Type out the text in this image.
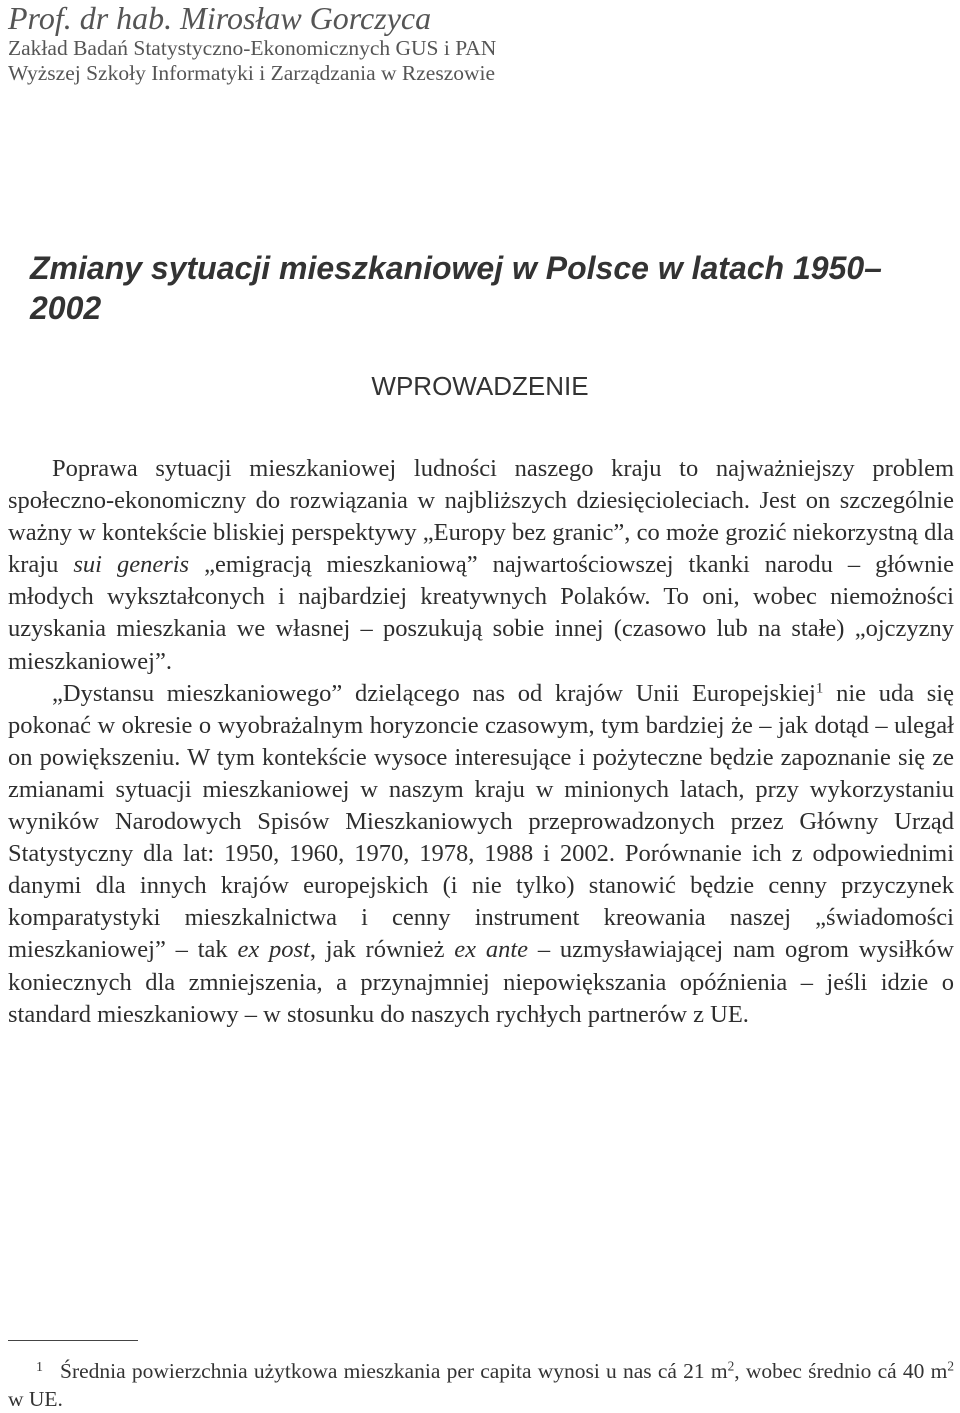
Prof. dr hab. Mirosław Gorczyca
Zakład Badań Statystyczno-Ekonomicznych GUS i PAN
Wyższej Szkoły Informatyki i Zarządzania w Rzeszowie
Zmiany sytuacji mieszkaniowej w Polsce w latach 1950–2002
WPROWADZENIE

Poprawa sytuacji mieszkaniowej ludności naszego kraju to najważniejszy problem społeczno-ekonomiczny do rozwiązania w najbliższych dziesięcioleciach. Jest on szczególnie ważny w kontekście bliskiej perspektywy „Europy bez granic”, co może grozić niekorzystną dla kraju sui generis „emigracją mieszkaniową” najwartościowszej tkanki narodu – głównie młodych wykształconych i najbardziej kreatywnych Polaków. To oni, wobec niemożności uzyskania mieszkania we własnej – poszukują sobie innej (czasowo lub na stałe) „ojczyzny mieszkaniowej”.

„Dystansu mieszkaniowego” dzielącego nas od krajów Unii Europejskiej$^1$ nie uda się pokonać w okresie o wyobrażalnym horyzoncie czasowym, tym bardziej że – jak dotąd – ulegał on powiększeniu. W tym kontekście wysoce interesujące i pożyteczne będzie zapoznanie się ze zmianami sytuacji mieszkaniowej w naszym kraju w minionych latach, przy wykorzystaniu wyników Narodowych Spisów Mieszkaniowych przeprowadzonych przez Główny Urząd Statystyczny dla lat: 1950, 1960, 1970, 1978, 1988 i 2002. Porównanie ich z odpowiednimi danymi dla innych krajów europejskich (i nie tylko) stanowić będzie cenny przyczynek komparatystyki mieszkalnictwa i cenny instrument kreowania naszej „świadomości mieszkaniowej” – tak ex post, jak również ex ante – uzmysławiającej nam ogrom wysiłków koniecznych dla zmniejszenia, a przynajmniej niepowiększania opóźnienia – jeśli idzie o standard mieszkaniowy – w stosunku do naszych rychłych partnerów z UE.

1 Średnia powierzchnia użytkowa mieszkania per capita wynosi u nas cá 21 $m^2$, wobec średnio cá 40 $m^2$ w UE.
